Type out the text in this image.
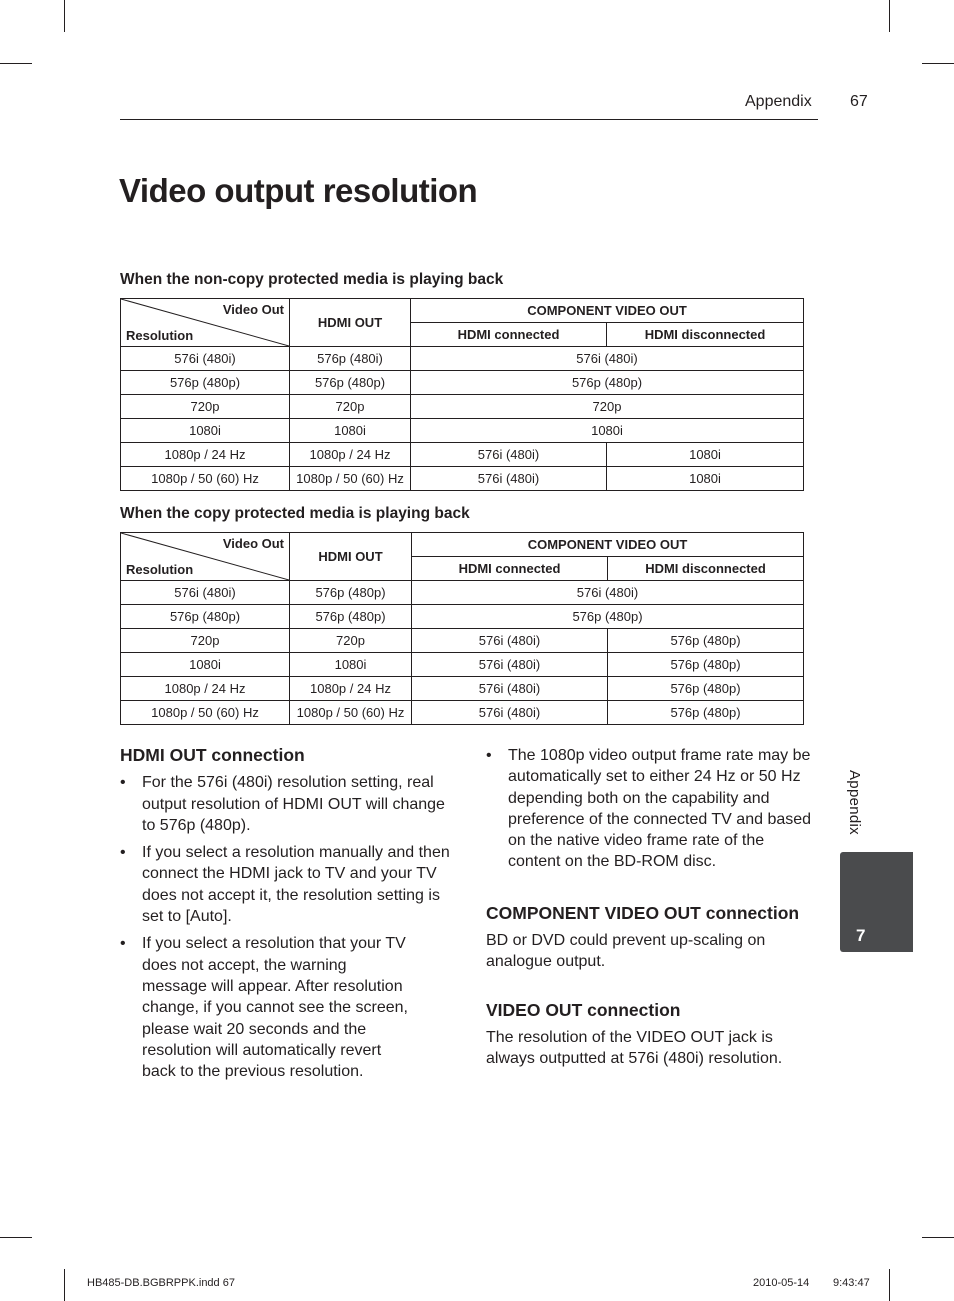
Appendix 67
Video output resolution

When the non-copy protected media is playing back

Video Out
Resolution	HDMI OUT	COMPONENT VIDEO OUT	
		HDMI connected	HDMI disconnected
576i (480i)	576p (480i)	576i (480i)	
576p (480p)	576p (480p)	576p (480p)	
720p	720p	720p	
1080i	1080i	1080i	
1080p / 24 Hz	1080p / 24 Hz	576i (480i)	1080i
1080p / 50 (60) Hz	1080p / 50 (60) Hz	576i (480i)	1080i

When the copy protected media is playing back

Video Out
Resolution	HDMI OUT	COMPONENT VIDEO OUT	
		HDMI connected	HDMI disconnected
576i (480i)	576p (480p)	576i (480i)	
576p (480p)	576p (480p)	576p (480p)	
720p	720p	576i (480i)	576p (480p)
1080i	1080i	576i (480i)	576p (480p)
1080p / 24 Hz	1080p / 24 Hz	576i (480i)	576p (480p)
1080p / 50 (60) Hz	1080p / 50 (60) Hz	576i (480i)	576p (480p)
HDMI OUT connection
• For the 576i (480i) resolution setting, real output resolution of HDMI OUT will change to 576p (480p).
• If you select a resolution manually and then connect the HDMI jack to TV and your TV does not accept it, the resolution setting is set to [Auto].
• If you select a resolution that your TV does not accept, the warning message will appear. After resolution change, if you cannot see the screen, please wait 20 seconds and the resolution will automatically revert back to the previous resolution.
• The 1080p video output frame rate may be automatically set to either 24 Hz or 50 Hz depending both on the capability and preference of the connected TV and based on the native video frame rate of the content on the BD-ROM disc.
COMPONENT VIDEO OUT connection

BD or DVD could prevent up-scaling on analogue output.

VIDEO OUT connection

The resolution of the VIDEO OUT jack is always outputted at 576i (480i) resolution.

Appendix
7
HB485-DB.BGBRPPK.indd 67	2010-05-14 9:43:47
